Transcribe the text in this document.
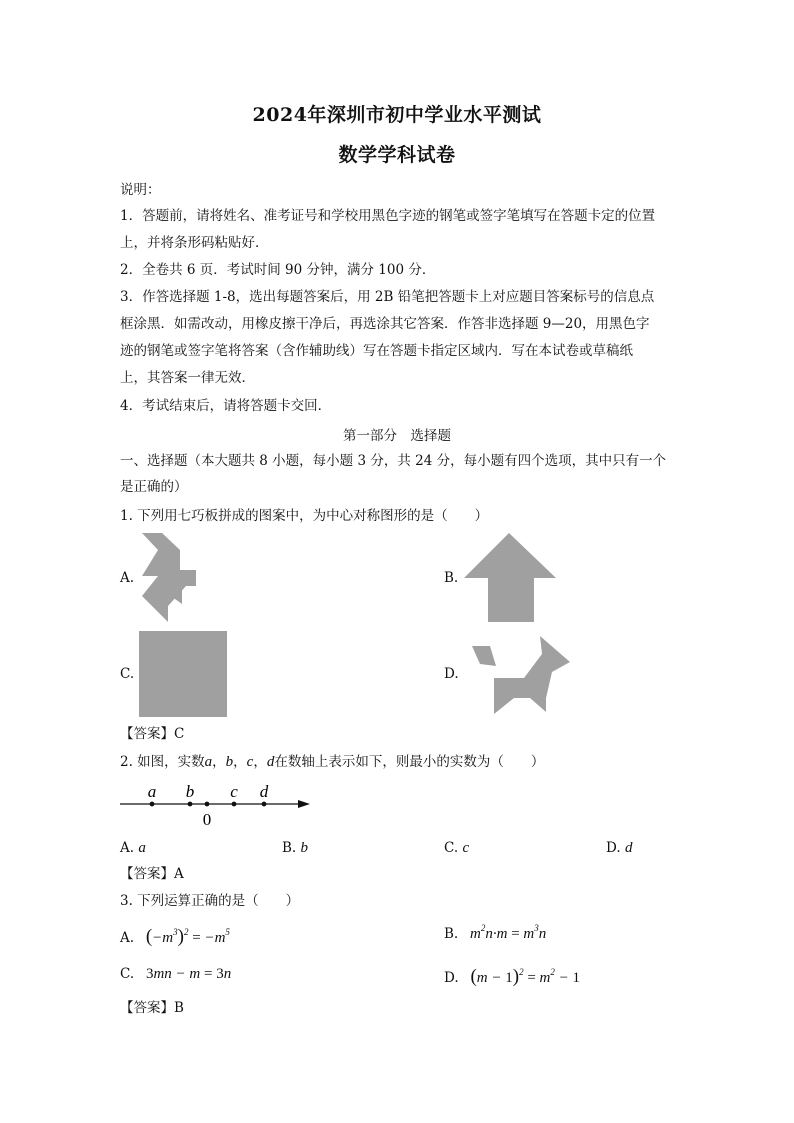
2024年深圳市初中学业水平测试
数学学科试卷
说明：
1．答题前，请将姓名、准考证号和学校用黑色字迹的钢笔或签字笔填写在答题卡定的位置
上，并将条形码粘贴好．
2．全卷共 6 页．考试时间 90 分钟，满分 100 分．
3．作答选择题 1-8，选出每题答案后，用 2B 铅笔把答题卡上对应题目答案标号的信息点
框涂黑．如需改动，用橡皮擦干净后，再选涂其它答案．作答非选择题 9—20，用黑色字
迹的钢笔或签字笔将答案（含作辅助线）写在答题卡指定区域内．写在本试卷或草稿纸
上，其答案一律无效．
4．考试结束后，请将答题卡交回．
第一部分　选择题
一、选择题（本大题共 8 小题，每小题 3 分，共 24 分，每小题有四个选项，其中只有一个
是正确的）
1. 下列用七巧板拼成的图案中，为中心对称图形的是（　　）
A.	B.
C.	D.
【答案】C
2. 如图，实数a，b，c，d在数轴上表示如下，则最小的实数为（　　）
a b c d
0
A. a	B. b	C. c	D. d
【答案】A
3. 下列运算正确的是（　　）
A. $(-m^3)^2 = -m^5$	B. $m^2n\cdot m = m^3n$
C. 3mn − m = 3n	D. $(m - 1)^2 = m^2 - 1$
【答案】B
